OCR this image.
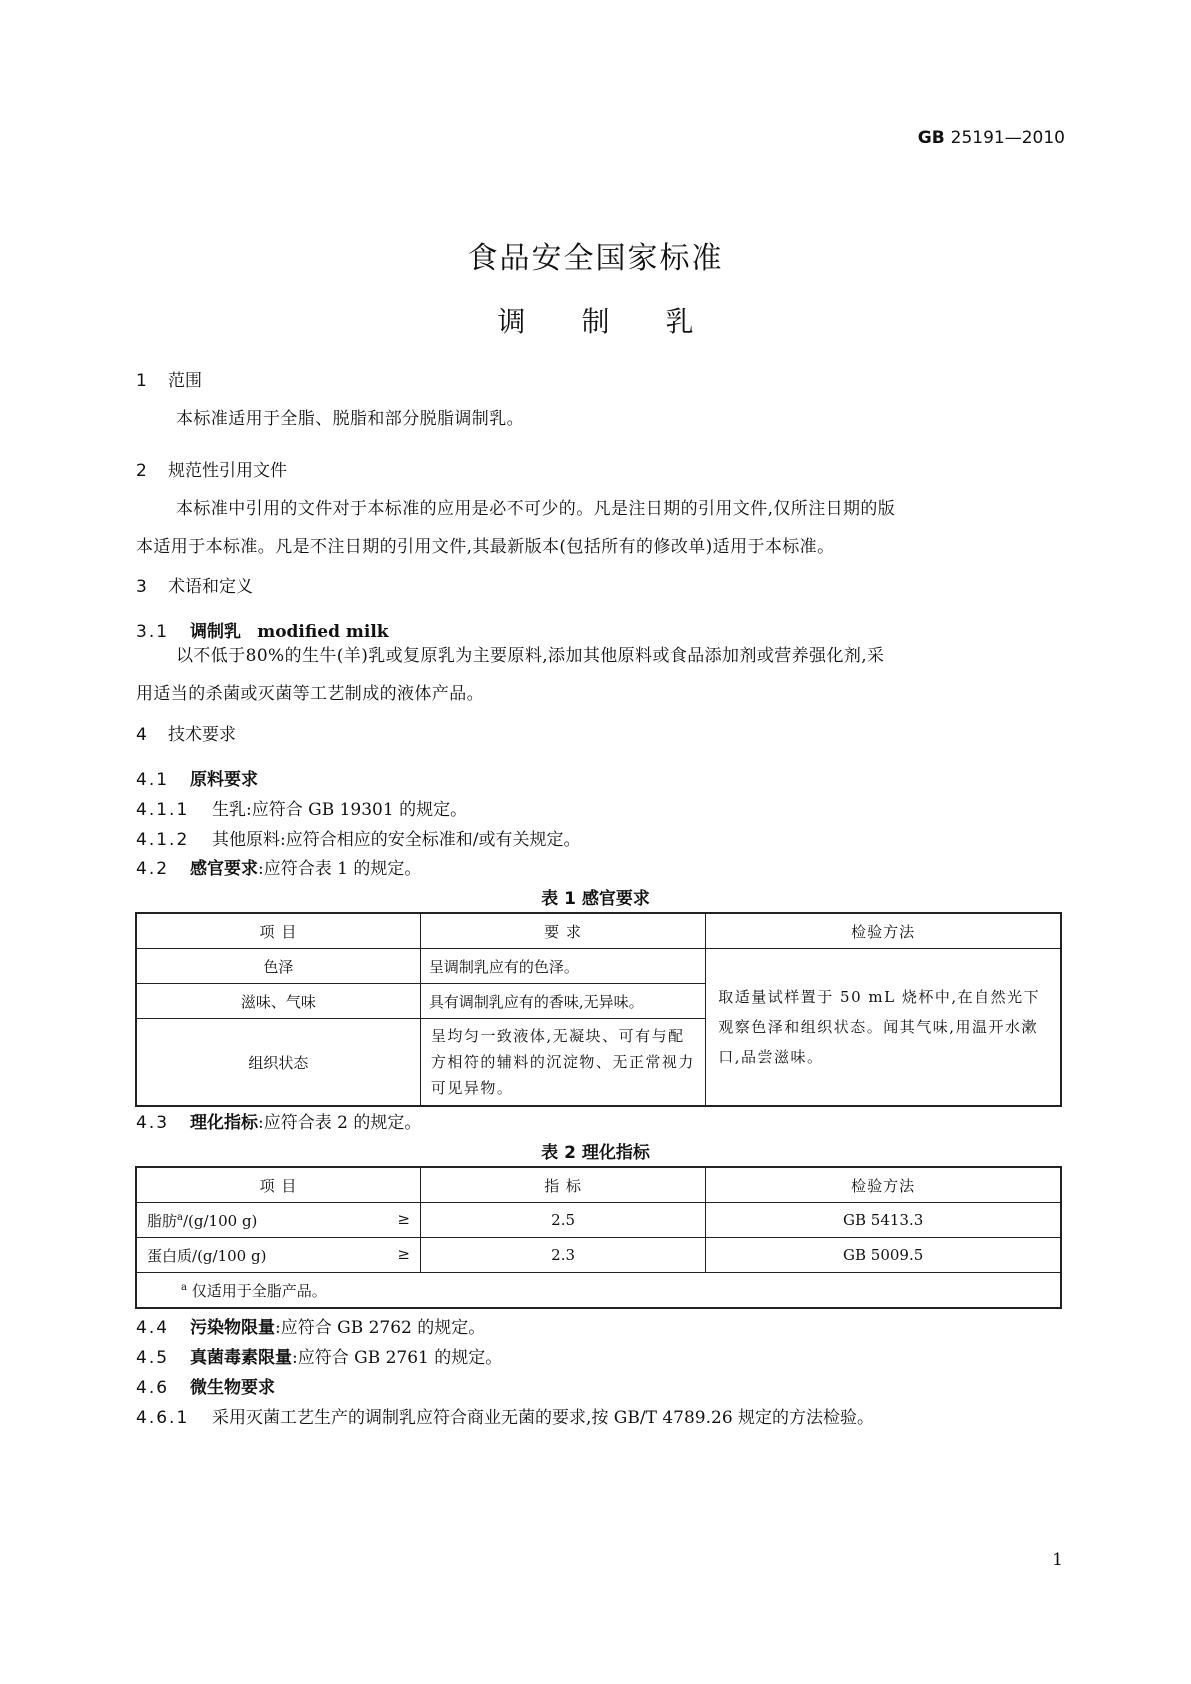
GB 25191—2010
食品安全国家标准
调 制 乳
1 范围
本标准适用于全脂、脱脂和部分脱脂调制乳。
2 规范性引用文件
本标准中引用的文件对于本标准的应用是必不可少的。凡是注日期的引用文件,仅所注日期的版
本适用于本标准。凡是不注日期的引用文件,其最新版本(包括所有的修改单)适用于本标准。
3 术语和定义
3.1 调制乳 modified milk
以不低于80%的生牛(羊)乳或复原乳为主要原料,添加其他原料或食品添加剂或营养强化剂,采
用适当的杀菌或灭菌等工艺制成的液体产品。
4 技术要求
4.1 原料要求
4.1.1 生乳:应符合 GB 19301 的规定。
4.1.2 其他原料:应符合相应的安全标准和/或有关规定。
4.2 感官要求:应符合表 1 的规定。
表 1 感官要求
项 目	要 求	检验方法
色泽	呈调制乳应有的色泽。	取适量试样置于 50 mL 烧杯中,在自然光下观察色泽和组织状态。闻其气味,用温开水漱口,品尝滋味。
滋味、气味	具有调制乳应有的香味,无异味。	
组织状态	呈均匀一致液体,无凝块、可有与配方相符的辅料的沉淀物、无正常视力可见异物。	
4.3 理化指标:应符合表 2 的规定。
表 2 理化指标
项 目	指 标	检验方法
脂肪$^a$/(g/100 g) ≥	2.5	GB 5413.3
蛋白质/(g/100 g) ≥	2.3	GB 5009.5
$^a$ 仅适用于全脂产品。		
4.4 污染物限量:应符合 GB 2762 的规定。
4.5 真菌毒素限量:应符合 GB 2761 的规定。
4.6 微生物要求
4.6.1 采用灭菌工艺生产的调制乳应符合商业无菌的要求,按 GB/T 4789.26 规定的方法检验。
1
